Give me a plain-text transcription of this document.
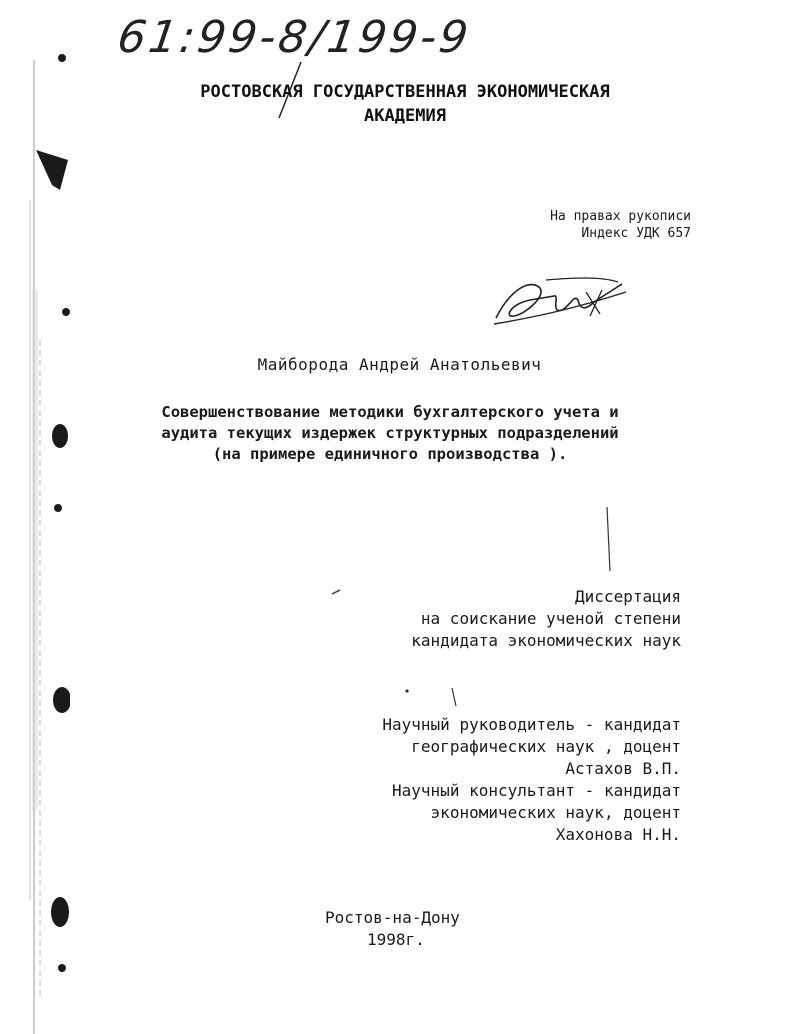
61:99-8/199-9
РОСТОВСКАЯ ГОСУДАРСТВЕННАЯ ЭКОНОМИЧЕСКАЯ
АКАДЕМИЯ
На правах рукописи
Индекс УДК 657
Майборода Андрей Анатольевич
Совершенствование методики бухгалтерского учета и
аудита текущих издержек структурных подразделений
(на примере единичного производства ).
Диссертация
на соискание ученой степени
кандидата экономических наук
Научный руководитель - кандидат
географических наук , доцент
Астахов В.П.
Научный консультант - кандидат
экономических наук, доцент
Хахонова Н.Н.
Ростов-на-Дону
1998г.
